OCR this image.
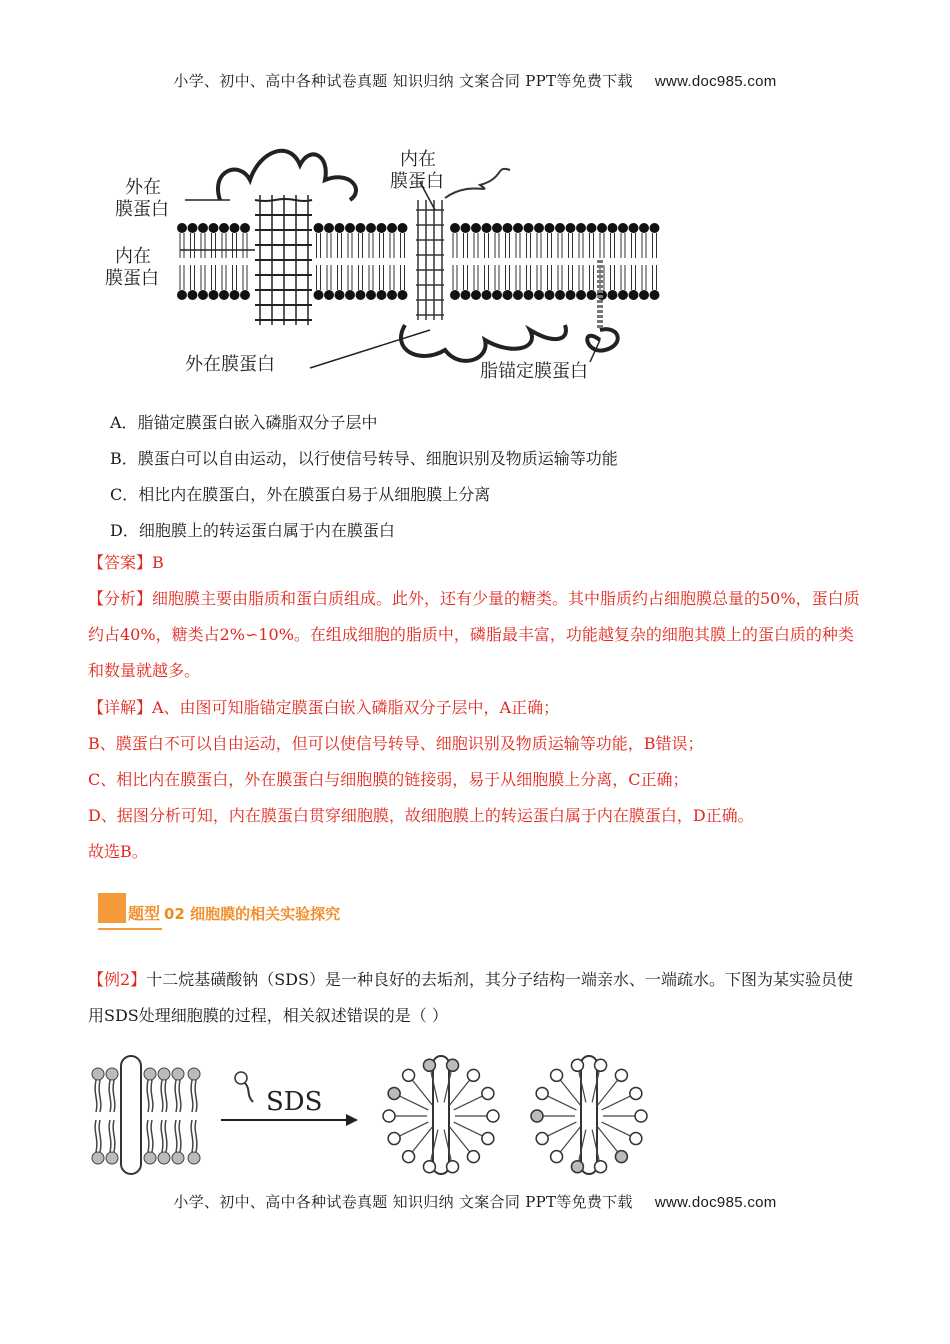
小学、初中、高中各种试卷真题 知识归纳 文案合同 PPT等免费下载 www.doc985.com
外在
膜蛋白
内在
膜蛋白
内在
膜蛋白
外在膜蛋白	脂锚定膜蛋白
A．脂锚定膜蛋白嵌入磷脂双分子层中
B．膜蛋白可以自由运动，以行使信号转导、细胞识别及物质运输等功能
C．相比内在膜蛋白，外在膜蛋白易于从细胞膜上分离
D．细胞膜上的转运蛋白属于内在膜蛋白
【答案】B
【分析】细胞膜主要由脂质和蛋白质组成。此外，还有少量的糖类。其中脂质约占细胞膜总量的50%，蛋白质约占40%，糖类占2%∽10%。在组成细胞的脂质中，磷脂最丰富，功能越复杂的细胞其膜上的蛋白质的种类和数量就越多。
【详解】A、由图可知脂锚定膜蛋白嵌入磷脂双分子层中，A正确；
B、膜蛋白不可以自由运动，但可以使信号转导、细胞识别及物质运输等功能，B错误；
C、相比内在膜蛋白，外在膜蛋白与细胞膜的链接弱，易于从细胞膜上分离，C正确；
D、据图分析可知，内在膜蛋白贯穿细胞膜，故细胞膜上的转运蛋白属于内在膜蛋白，D正确。
故选B。
题型 02 细胞膜的相关实验探究
【例2】十二烷基磺酸钠（SDS）是一种良好的去垢剂，其分子结构一端亲水、一端疏水。下图为某实验员使用SDS处理细胞膜的过程，相关叙述错误的是（ ）
SDS
小学、初中、高中各种试卷真题 知识归纳 文案合同 PPT等免费下载 www.doc985.com
